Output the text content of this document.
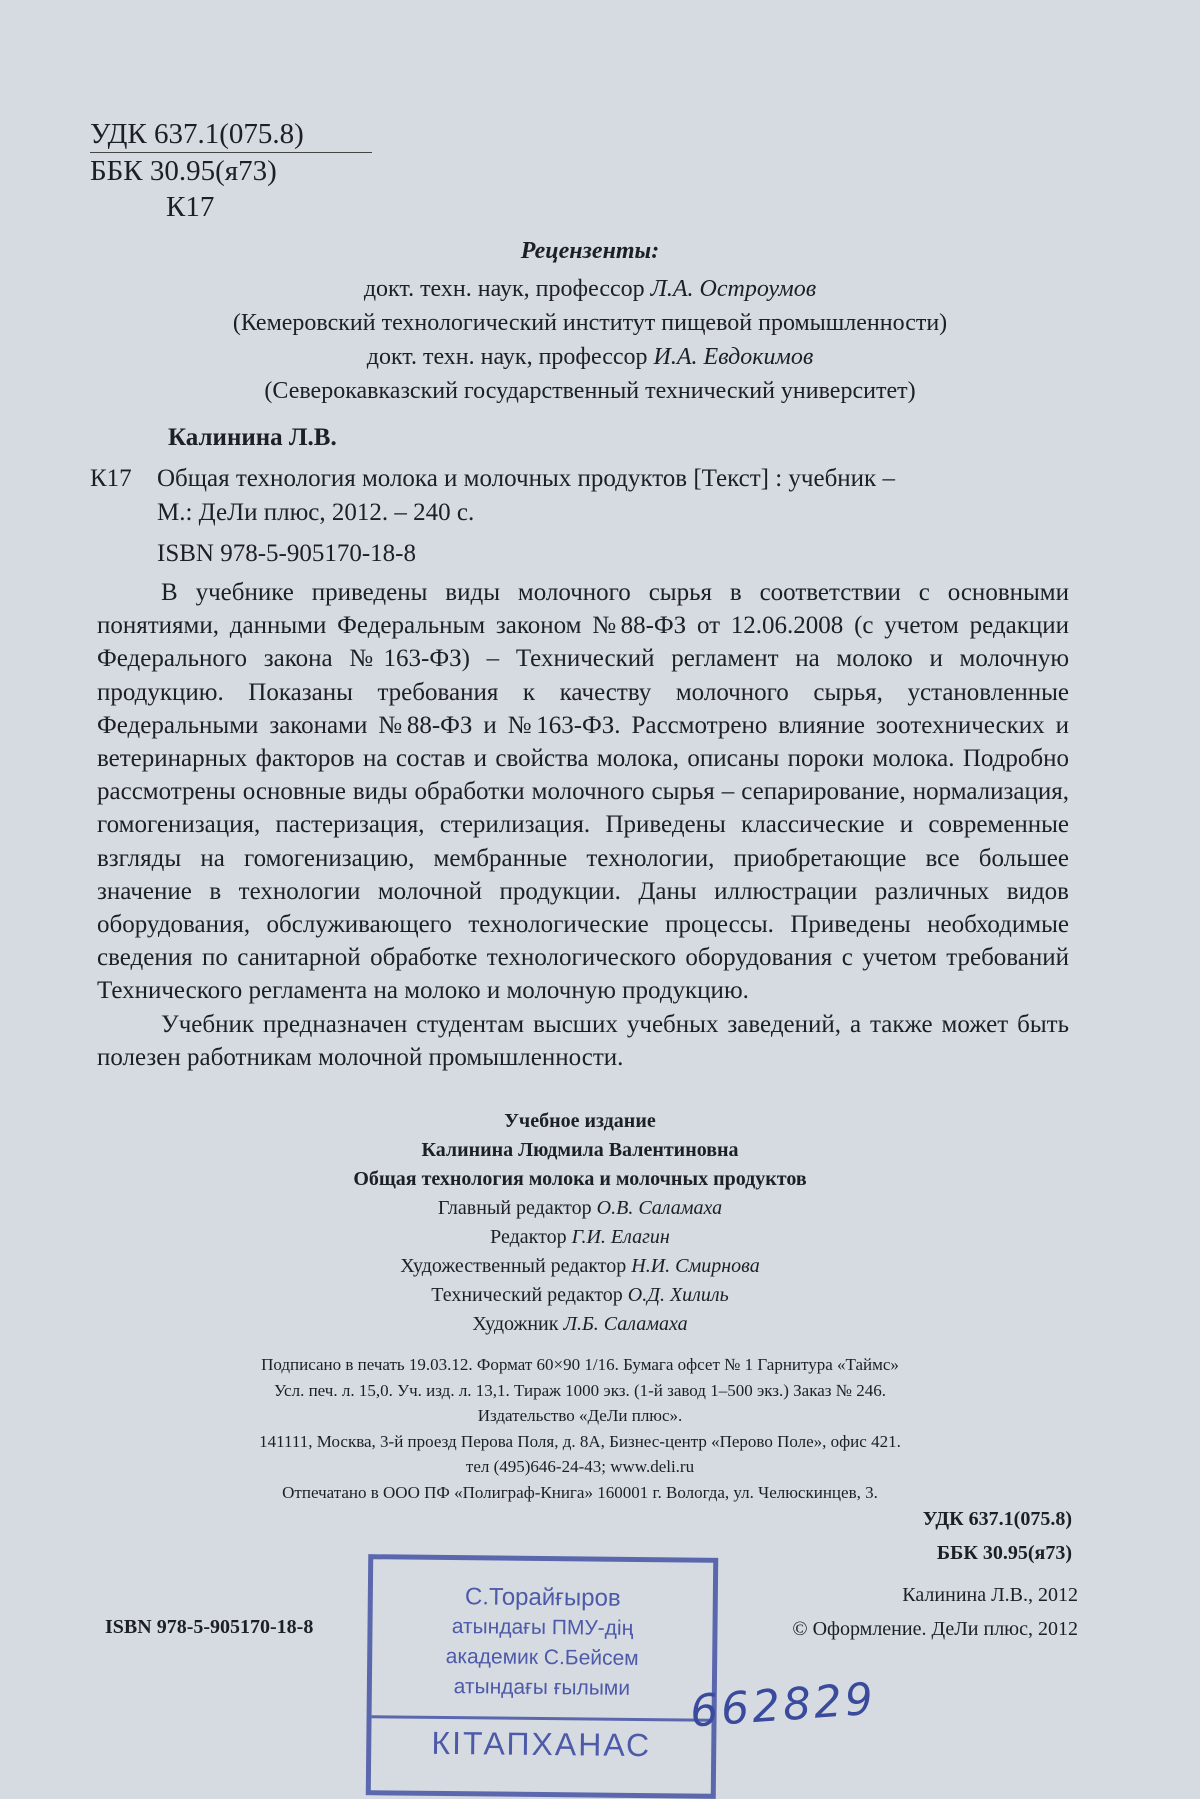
УДК 637.1(075.8)
ББК 30.95(я73)
К17
Рецензенты:
докт. техн. наук, профессор Л.А. Остроумов
(Кемеровский технологический институт пищевой промышленности)
докт. техн. наук, профессор И.А. Евдокимов
(Северокавказский государственный технический университет)
Калинина Л.В.
К17 Общая технология молока и молочных продуктов [Текст] : учебник –
М.: ДеЛи плюс, 2012. – 240 с.
ISBN 978-5-905170-18-8

В учебнике приведены виды молочного сырья в соответствии с основными понятиями, данными Федеральным законом №88-ФЗ от 12.06.2008 (с учетом редакции Федерального закона №163-ФЗ) – Технический регламент на молоко и молочную продукцию. Показаны требования к качеству молочного сырья, установленные Федеральными законами №88-ФЗ и №163-ФЗ. Рассмотрено влияние зоотехнических и ветеринарных факторов на состав и свойства молока, описаны пороки молока. Подробно рассмотрены основные виды обработки молочного сырья – сепарирование, нормализация, гомогенизация, пастеризация, стерилизация. Приведены классические и современные взгляды на гомогенизацию, мембранные технологии, приобретающие все большее значение в технологии молочной продукции. Даны иллюстрации различных видов оборудования, обслуживающего технологические процессы. Приведены необходимые сведения по санитарной обработке технологического оборудования с учетом требований Технического регламента на молоко и молочную продукцию.

Учебник предназначен студентам высших учебных заведений, а также может быть полезен работникам молочной промышленности.

Учебное издание
Калинина Людмила Валентиновна
Общая технология молока и молочных продуктов
Главный редактор О.В. Саламаха
Редактор Г.И. Елагин
Художественный редактор Н.И. Смирнова
Технический редактор О.Д. Хилиль
Художник Л.Б. Саламаха
Подписано в печать 19.03.12. Формат 60×90 1/16. Бумага офсет № 1 Гарнитура «Таймс»
Усл. печ. л. 15,0. Уч. изд. л. 13,1. Тираж 1000 экз. (1-й завод 1–500 экз.) Заказ № 246.
Издательство «ДеЛи плюс».
141111, Москва, 3-й проезд Перова Поля, д. 8А, Бизнес-центр «Перово Поле», офис 421.
тел (495)646-24-43; www.deli.ru
Отпечатано в ООО ПФ «Полиграф-Книга» 160001 г. Вологда, ул. Челюскинцев, 3.
УДК 637.1(075.8)
ББК 30.95(я73)
Калинина Л.В., 2012
© Оформление. ДеЛи плюс, 2012
ISBN 978-5-905170-18-8
С.Торайғыров
атындағы ПМУ-дің
академик С.Бейсем
атындағы ғылыми
КІТАПХАНАС
662829
